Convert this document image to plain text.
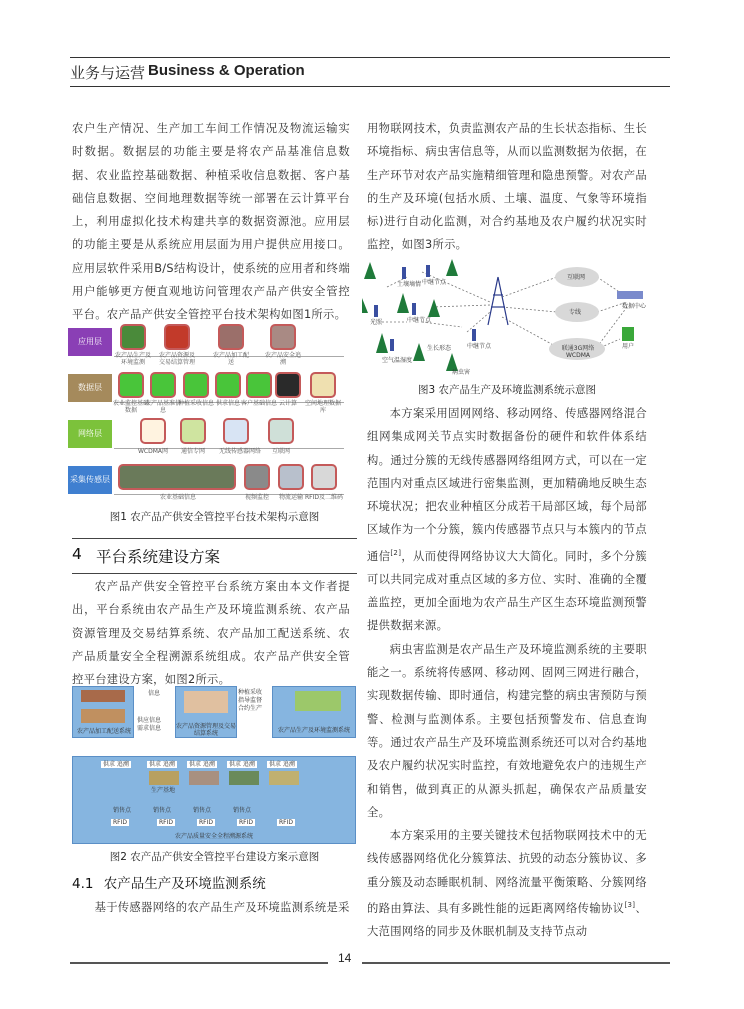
业务与运营 Business & Operation

农户生产情况、生产加工车间工作情况及物流运输实时数据。数据层的功能主要是将农产品基准信息数据、农业监控基础数据、种植采收信息数据、客户基础信息数据、空间地理数据等统一部署在云计算平台上，利用虚拟化技术构建共享的数据资源池。应用层的功能主要是从系统应用层面为用户提供应用接口。应用层软件采用B/S结构设计，使系统的应用者和终端用户能够更方便直观地访问管理农产品产供安全管控平台。农产品产供安全管控平台技术架构如图1所示。

应用层
农产品生产及环境监测
农产品资源及交易结算管理
农产品加工配送
农产品安全追溯
数据层
农业监控基础数据
农产品基准信息
种植采收信息 供求信息 客户基础信息 云计算	空间地理数据库
网络层
WCDMA网	通信专网	无线传感器网络	互联网
采集传感层
农业基础信息	视频监控	物流运输 RFID及二维码
图1 农产品产供安全管控平台技术架构示意图
4 平台系统建设方案

农产品产供安全管控平台系统方案由本文作者提出，平台系统由农产品生产及环境监测系统、农产品资源管理及交易结算系统、农产品加工配送系统、农产品质量安全全程溯源系统组成。农产品产供安全管控平台建设方案，如图2所示。

农产品加工配送系统
农产品资源管理及交易结算系统	农产品生产及环境监测系统
信息
供应信息
需求信息
种植采收
指导监督
合约生产
供求 追溯	供求 追溯	供求 追溯	供求 追溯	供求 追溯
生产基地
销售点	销售点	销售点	销售点
RFID	RFID	RFID	RFID	RFID
农产品质量安全全程溯源系统
图2 农产品产供安全管控平台建设方案示意图
4.1 农产品生产及环境监测系统

基于传感器网络的农产品生产及环境监测系统是采

用物联网技术，负责监测农产品的生长状态指标、生长环境指标、病虫害信息等，从而以监测数据为依据，在生产环节对农产品实施精细管理和隐患预警。对农产品的生产及环境(包括水质、土壤、温度、气象等环境指标)进行自动化监测，对合约基地及农户履约状况实时监控，如图3所示。

土壤墒情 中继节点
光照	中继节点
空气温湿度
生长形态	中继节点
病虫害
互联网
专线
联通3G网络 WCDMA
数据中心
用户
图3 农产品生产及环境监测系统示意图

本方案采用固网网络、移动网络、传感器网络混合组网集成网关节点实时数据备份的硬件和软件体系结构。通过分簇的无线传感器网络组网方式，可以在一定范围内对重点区域进行密集监测，更加精确地反映生态环境状况；把农业种植区分成若干局部区域，每个局部区域作为一个分簇，簇内传感器节点只与本簇内的节点通信[2]，从而使得网络协议大大简化。同时，多个分簇可以共同完成对重点区域的多方位、实时、准确的全覆盖监控，更加全面地为农产品生产区生态环境监测预警提供数据来源。

病虫害监测是农产品生产及环境监测系统的主要职能之一。系统将传感网、移动网、固网三网进行融合，实现数据传输、即时通信，构建完整的病虫害预防与预警、检测与监测体系。主要包括预警发布、信息查询等。通过农产品生产及环境监测系统还可以对合约基地及农户履约状况实时监控，有效地避免农户的违规生产和销售，做到真正的从源头抓起，确保农产品质量安全。

本方案采用的主要关键技术包括物联网技术中的无线传感器网络优化分簇算法、抗毁的动态分簇协议、多重分簇及动态睡眠机制、网络流量平衡策略、分簇网络的路由算法、具有多跳性能的远距离网络传输协议[3]、大范围网络的同步及休眠机制及支持节点动

14
